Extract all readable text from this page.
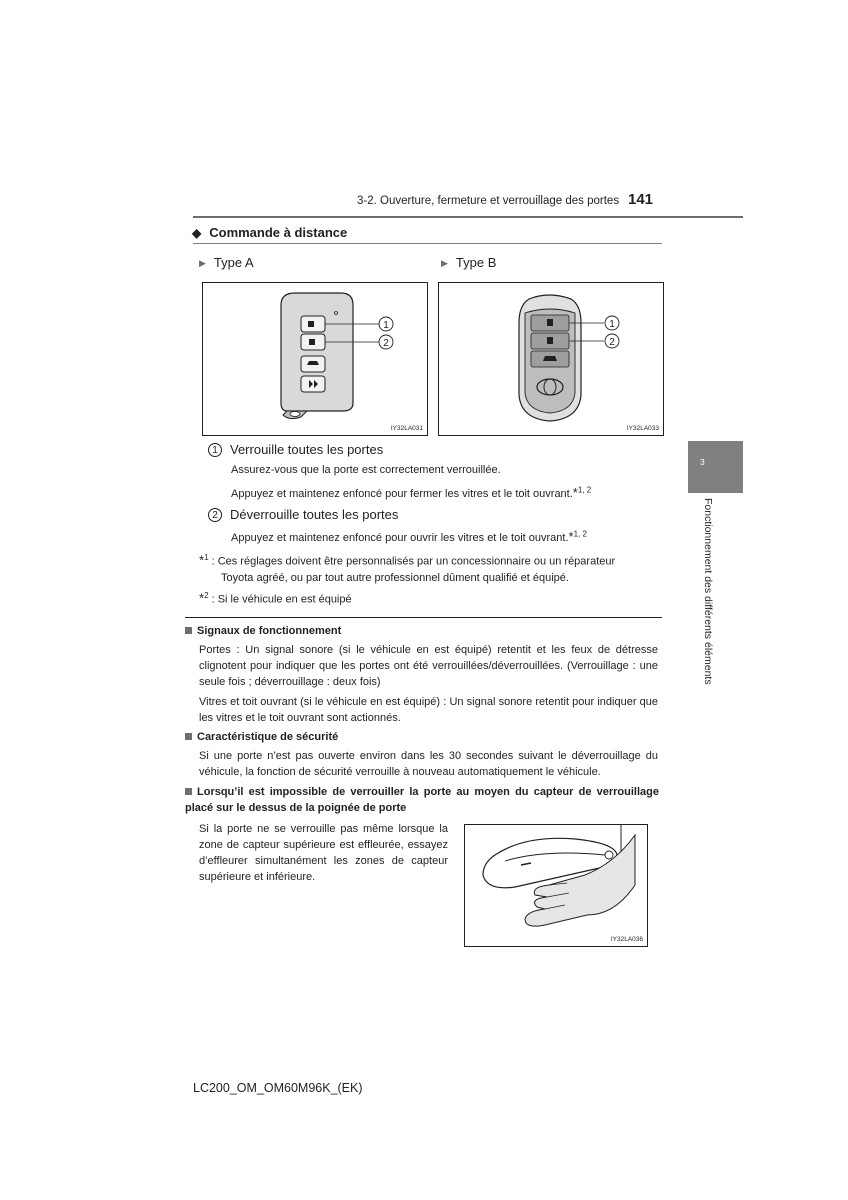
3-2. Ouverture, fermeture et verrouillage des portes 141
3
Fonctionnement des différents éléments
◆ Commande à distance
▶ Type A	▶ Type B
1
2
IY32LA031
1
2
IY32LA033
1 Verrouille toutes les portes
Assurez-vous que la porte est correctement verrouillée.
Appuyez et maintenez enfoncé pour fermer les vitres et le toit ouvrant.*$^{1, 2}$
2 Déverrouille toutes les portes
Appuyez et maintenez enfoncé pour ouvrir les vitres et le toit ouvrant.*$^{1, 2}$
*$^1$ : Ces réglages doivent être personnalisés par un concessionnaire ou un réparateur
Toyota agréé, ou par tout autre professionnel dûment qualifié et équipé.
*$^2$ : Si le véhicule en est équipé
Signaux de fonctionnement
Portes : Un signal sonore (si le véhicule en est équipé) retentit et les feux de détresse clignotent pour indiquer que les portes ont été verrouillées/déverrouillées. (Verrouillage : une seule fois ; déverrouillage : deux fois)
Vitres et toit ouvrant (si le véhicule en est équipé) : Un signal sonore retentit pour indiquer que les vitres et le toit ouvrant sont actionnés.
Caractéristique de sécurité
Si une porte n’est pas ouverte environ dans les 30 secondes suivant le déverrouillage du véhicule, la fonction de sécurité verrouille à nouveau automatiquement le véhicule.
Lorsqu’il est impossible de verrouiller la porte au moyen du capteur de verrouillage placé sur le dessus de la poignée de porte
Si la porte ne se verrouille pas même lorsque la zone de capteur supérieure est effleurée, essayez d’effleurer simultanément les zones de capteur supérieure et inférieure.
IY32LA036
LC200_OM_OM60M96K_(EK)
